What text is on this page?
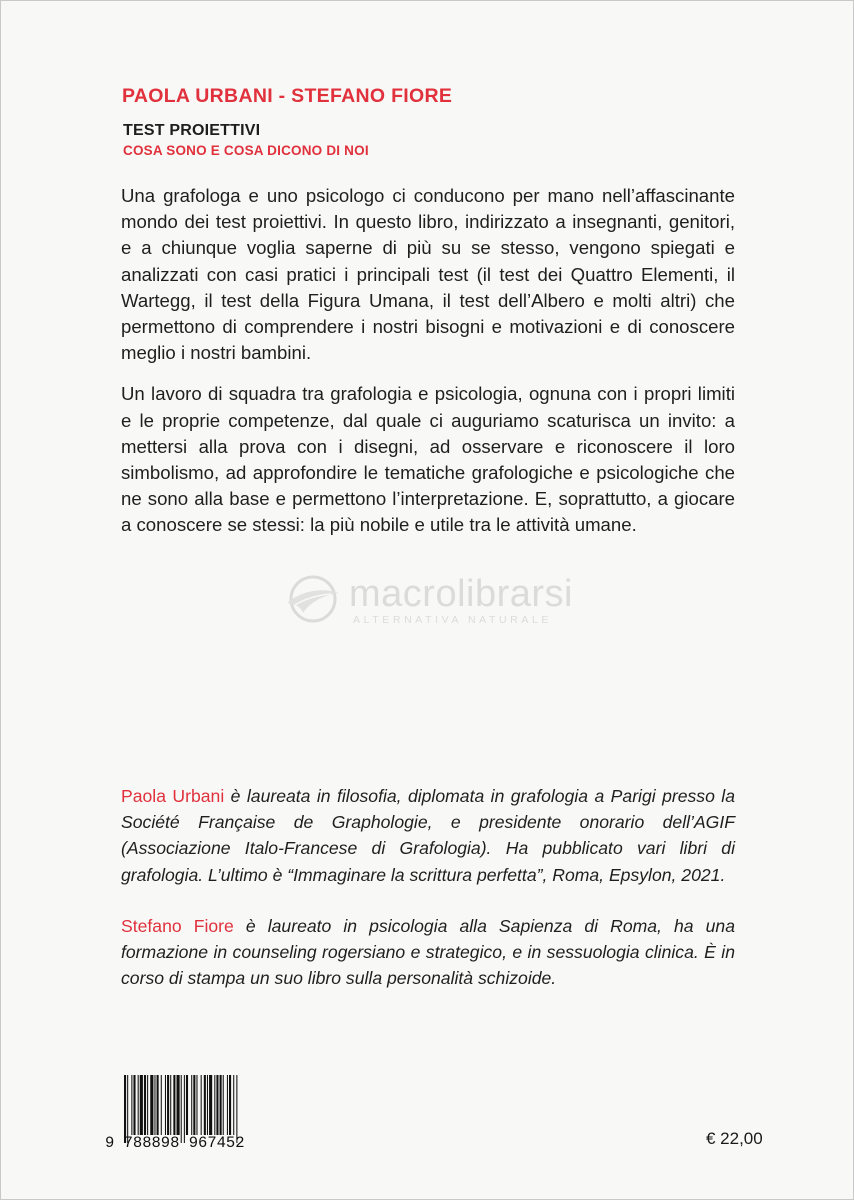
PAOLA URBANI - STEFANO FIORE
TEST PROIETTIVI
COSA SONO E COSA DICONO DI NOI

Una grafologa e uno psicologo ci conducono per mano nell’affascinante mondo dei test proiettivi. In questo libro, indirizzato a insegnanti, genitori, e a chiunque voglia saperne di più su se stesso, vengono spiegati e analizzati con casi pratici i principali test (il test dei Quattro Elementi, il Wartegg, il test della Figura Umana, il test dell’Albero e molti altri) che permettono di comprendere i nostri bisogni e motivazioni e di conoscere meglio i nostri bambini.

Un lavoro di squadra tra grafologia e psicologia, ognuna con i propri limiti e le proprie competenze, dal quale ci auguriamo scaturisca un invito: a mettersi alla prova con i disegni, ad osservare e riconoscere il loro simbolismo, ad approfondire le tematiche grafologiche e psicologiche che ne sono alla base e permettono l’interpretazione. E, soprattutto, a giocare a conoscere se stessi: la più nobile e utile tra le attività umane.

macrolibrarsi
ALTERNATIVA NATURALE

Paola Urbani è laureata in filosofia, diplomata in grafologia a Parigi presso la Société Française de Graphologie, e presidente onorario dell’AGIF (Associazione Italo-Francese di Grafologia). Ha pubblicato vari libri di grafologia. L’ultimo è “Immaginare la scrittura perfetta”, Roma, Epsylon, 2021.

Stefano Fiore è laureato in psicologia alla Sapienza di Roma, ha una formazione in counseling rogersiano e strategico, e in sessuologia clinica. È in corso di stampa un suo libro sulla personalità schizoide.

9 788898 967452	€ 22,00
